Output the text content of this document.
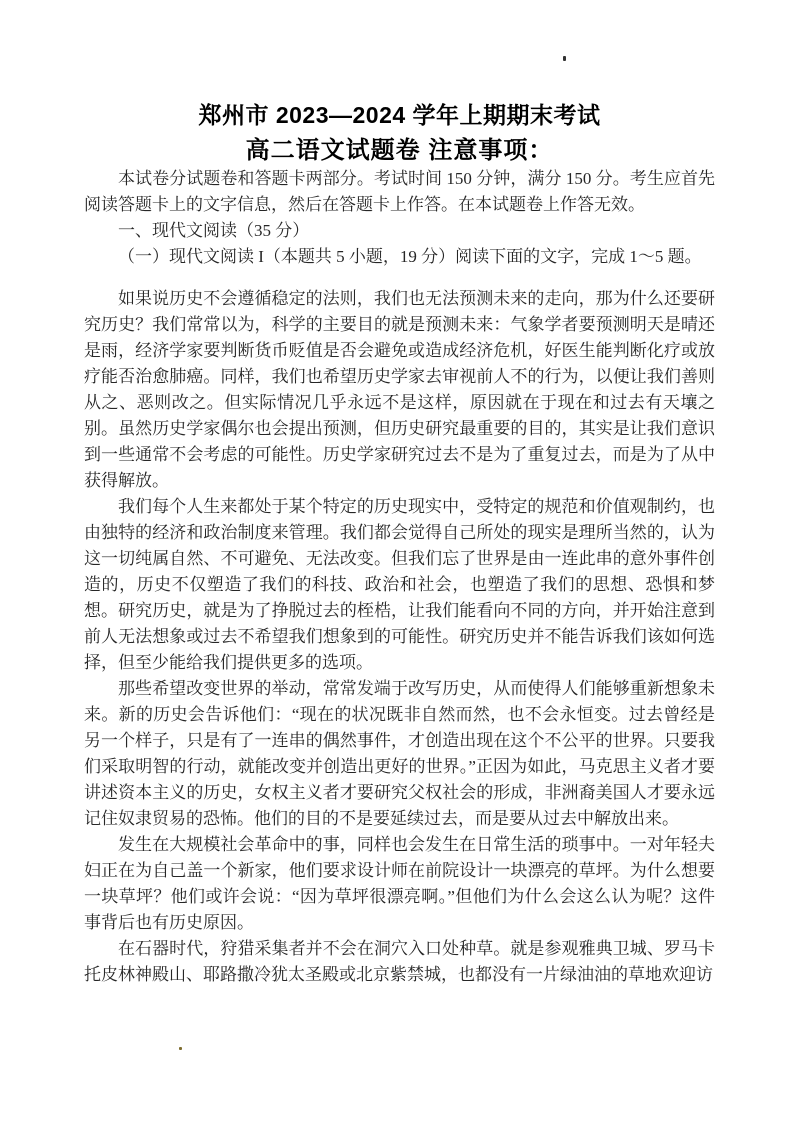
郑州市 2023—2024 学年上期期末考试
高二语文试题卷 注意事项：

本试卷分试题卷和答题卡两部分。考试时间 150 分钟，满分 150 分。考生应首先阅读答题卡上的文字信息，然后在答题卡上作答。在本试题卷上作答无效。

一、现代文阅读（35 分）

（一）现代文阅读 I（本题共 5 小题，19 分）阅读下面的文字，完成 1～5 题。

如果说历史不会遵循稳定的法则，我们也无法预测未来的走向，那为什么还要研究历史？我们常常以为，科学的主要目的就是预测未来：气象学者要预测明天是晴还是雨，经济学家要判断货币贬值是否会避免或造成经济危机，好医生能判断化疗或放疗能否治愈肺癌。同样，我们也希望历史学家去审视前人不的行为，以便让我们善则从之、恶则改之。但实际情况几乎永远不是这样，原因就在于现在和过去有天壤之别。虽然历史学家偶尔也会提出预测，但历史研究最重要的目的，其实是让我们意识到一些通常不会考虑的可能性。历史学家研究过去不是为了重复过去，而是为了从中获得解放。

我们每个人生来都处于某个特定的历史现实中，受特定的规范和价值观制约，也由独特的经济和政治制度来管理。我们都会觉得自己所处的现实是理所当然的，认为这一切纯属自然、不可避免、无法改变。但我们忘了世界是由一连此串的意外事件创造的，历史不仅塑造了我们的科技、政治和社会，也塑造了我们的思想、恐惧和梦想。研究历史，就是为了挣脱过去的桎梏，让我们能看向不同的方向，并开始注意到前人无法想象或过去不希望我们想象到的可能性。研究历史并不能告诉我们该如何选择，但至少能给我们提供更多的选项。

那些希望改变世界的举动，常常发端于改写历史，从而使得人们能够重新想象未来。新的历史会告诉他们：“现在的状况既非自然而然，也不会永恒变。过去曾经是另一个样子，只是有了一连串的偶然事件，才创造出现在这个不公平的世界。只要我们采取明智的行动，就能改变并创造出更好的世界。”正因为如此，马克思主义者才要讲述资本主义的历史，女权主义者才要研究父权社会的形成，非洲裔美国人才要永远记住奴隶贸易的恐怖。他们的目的不是要延续过去，而是要从过去中解放出来。

发生在大规模社会革命中的事，同样也会发生在日常生活的琐事中。一对年轻夫妇正在为自己盖一个新家，他们要求设计师在前院设计一块漂亮的草坪。为什么想要一块草坪？他们或许会说：“因为草坪很漂亮啊。”但他们为什么会这么认为呢？这件事背后也有历史原因。

在石器时代，狩猎采集者并不会在洞穴入口处种草。就是参观雅典卫城、罗马卡托皮林神殿山、耶路撒冷犹太圣殿或北京紫禁城，也都没有一片绿油油的草地欢迎访
